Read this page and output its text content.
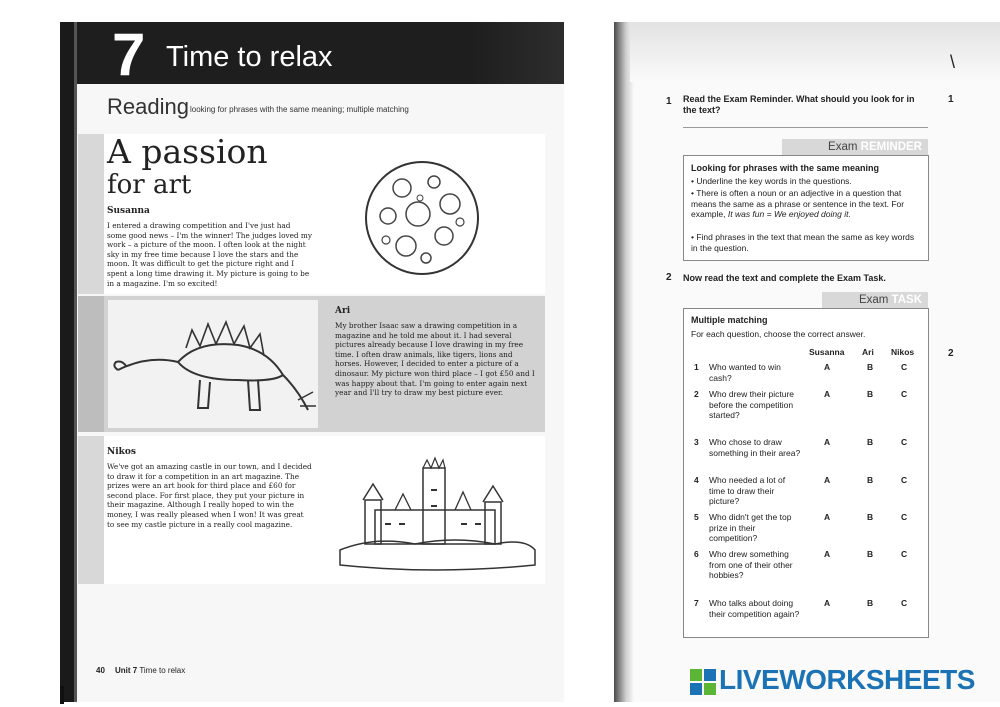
7 Time to relax
Reading looking for phrases with the same meaning; multiple matching
A passion
for art
Susanna
I entered a drawing competition and I've just had some good news – I'm the winner! The judges loved my work – a picture of the moon. I often look at the night sky in my free time because I love the stars and the moon. It was difficult to get the picture right and I spent a long time drawing it. My picture is going to be in a magazine. I'm so excited!
Ari
My brother Isaac saw a drawing competition in a magazine and he told me about it. I had several pictures already because I love drawing in my free time. I often draw animals, like tigers, lions and horses. However, I decided to enter a picture of a dinosaur. My picture won third place – I got £50 and I was happy about that. I'm going to enter again next year and I'll try to draw my best picture ever.
Nikos
We've got an amazing castle in our town, and I decided to draw it for a competition in an art magazine. The prizes were an art book for third place and £60 for second place. For first place, they put your picture in their magazine. Although I really hoped to win the money, I was really pleased when I won! It was great to see my castle picture in a really cool magazine.
40 Unit 7 Time to relax
\
1
2
1 Read the Exam Reminder. What should you look for in the text?
Exam REMINDER
Looking for phrases with the same meaning
• Underline the key words in the questions.
• There is often a noun or an adjective in a question that means the same as a phrase or sentence in the text. For example, It was fun = We enjoyed doing it.
• Find phrases in the text that mean the same as key words in the question.
2 Now read the text and complete the Exam Task.
Exam TASK
Multiple matching
For each question, choose the correct answer.
Susanna Ari Nikos
1 Who wanted to win cash?
A	B	C
2 Who drew their picture before the competition started?
A	B	C
3 Who chose to draw something in their area?
A	B	C
4 Who needed a lot of time to draw their picture?
A	B	C
5 Who didn't get the top prize in their competition?
A	B	C
6 Who drew something from one of their other hobbies?
A	B	C
7 Who talks about doing their competition again?
A	B	C
LIVEWORKSHEETS
